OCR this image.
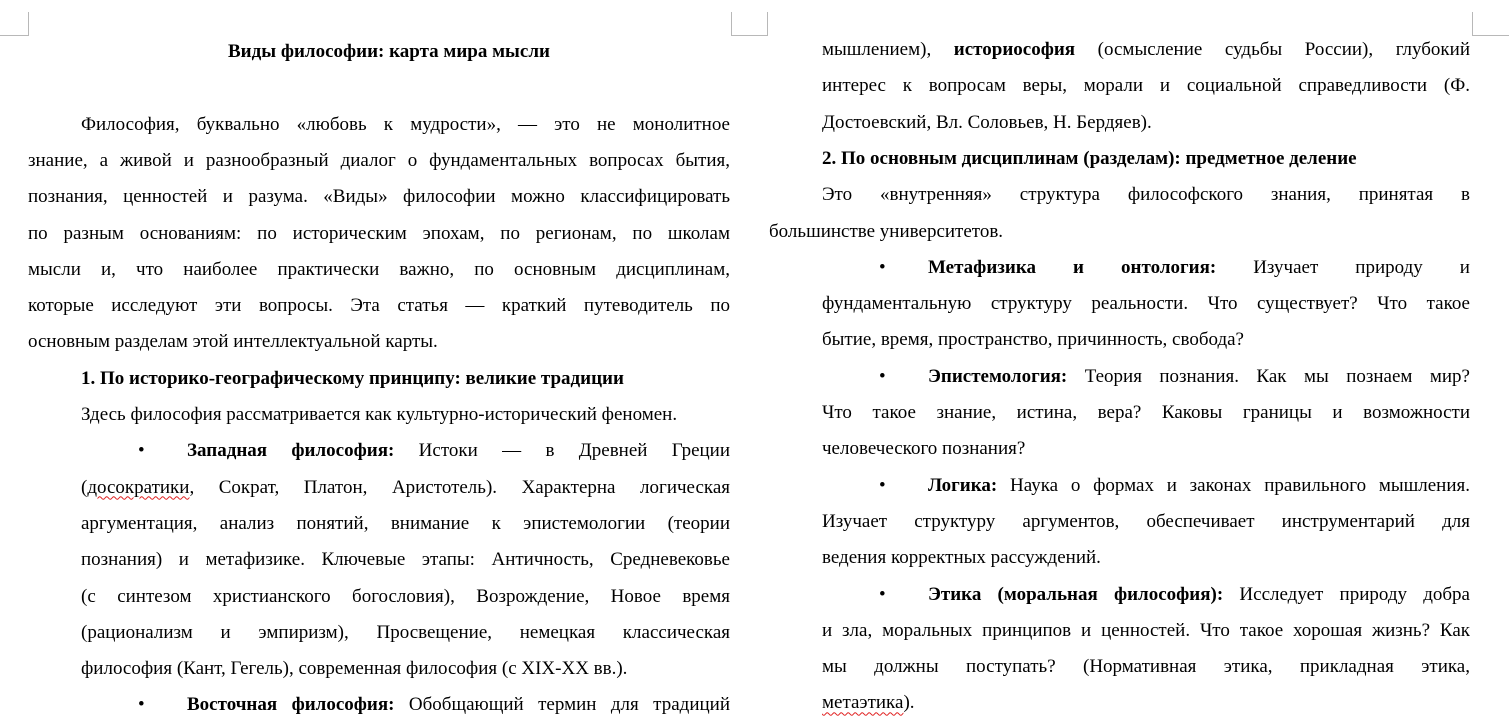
Виды философии: карта мира мысли
Философия, буквально «любовь к мудрости», — это не монолитное
знание, а живой и разнообразный диалог о фундаментальных вопросах бытия,
познания, ценностей и разума. «Виды» философии можно классифицировать
по разным основаниям: по историческим эпохам, по регионам, по школам
мысли и, что наиболее практически важно, по основным дисциплинам,
которые исследуют эти вопросы. Эта статья — краткий путеводитель по
основным разделам этой интеллектуальной карты.
1. По историко-географическому принципу: великие традиции
Здесь философия рассматривается как культурно-исторический феномен.
• Западная философия: Истоки — в Древней Греции
(досократики, Сократ, Платон, Аристотель). Характерна логическая
аргументация, анализ понятий, внимание к эпистемологии (теории
познания) и метафизике. Ключевые этапы: Античность, Средневековье
(с синтезом христианского богословия), Возрождение, Новое время
(рационализм и эмпиризм), Просвещение, немецкая классическая
философия (Кант, Гегель), современная философия (с XIX-XX вв.).
• Восточная философия: Обобщающий термин для традиций
мышлением), историософия (осмысление судьбы России), глубокий
интерес к вопросам веры, морали и социальной справедливости (Ф.
Достоевский, Вл. Соловьев, Н. Бердяев).
2. По основным дисциплинам (разделам): предметное деление
Это «внутренняя» структура философского знания, принятая в
большинстве университетов.
• Метафизика и онтология: Изучает природу и
фундаментальную структуру реальности. Что существует? Что такое
бытие, время, пространство, причинность, свобода?
• Эпистемология: Теория познания. Как мы познаем мир?
Что такое знание, истина, вера? Каковы границы и возможности
человеческого познания?
• Логика: Наука о формах и законах правильного мышления.
Изучает структуру аргументов, обеспечивает инструментарий для
ведения корректных рассуждений.
• Этика (моральная философия): Исследует природу добра
и зла, моральных принципов и ценностей. Что такое хорошая жизнь? Как
мы должны поступать? (Нормативная этика, прикладная этика,
метаэтика).
